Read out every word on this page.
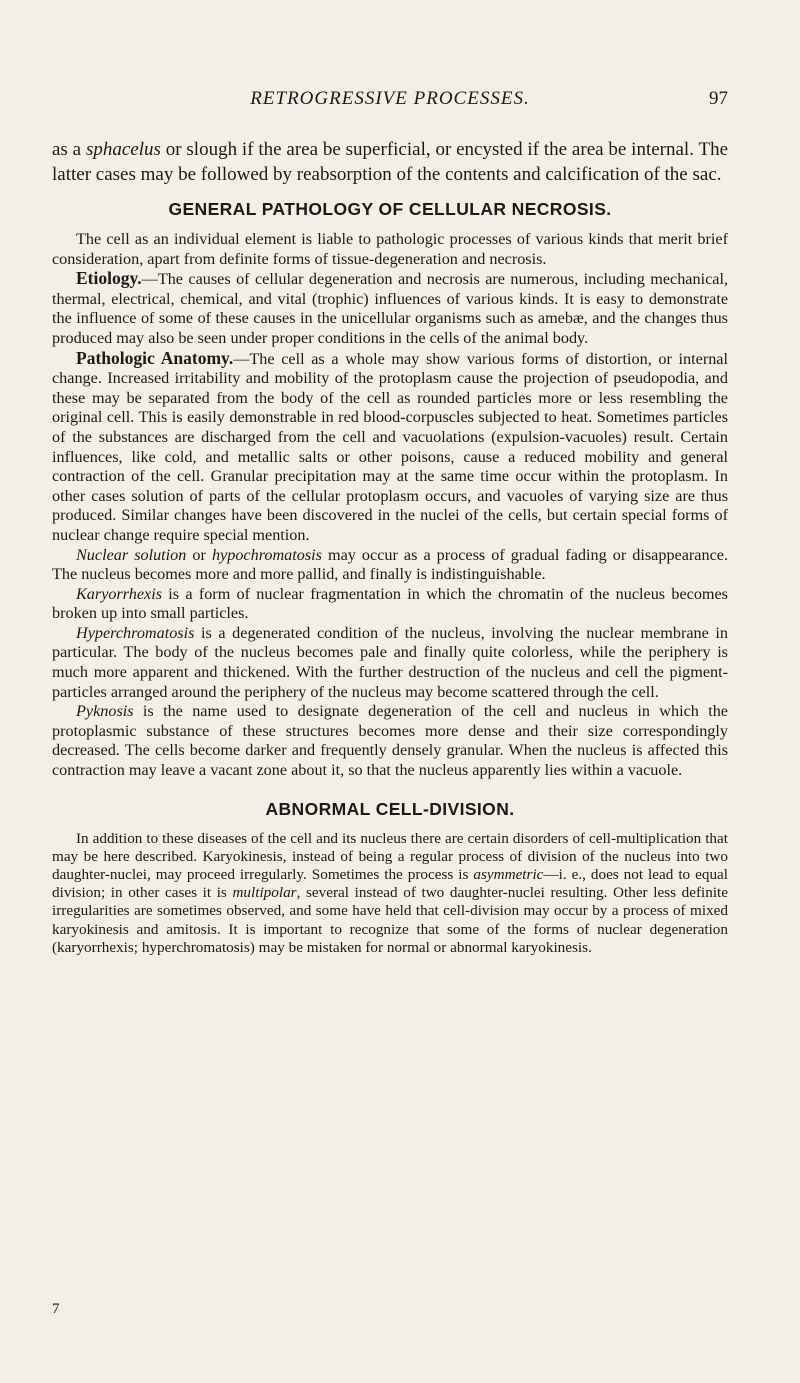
RETROGRESSIVE PROCESSES.	97

as a sphacelus or slough if the area be superficial, or encysted if the area be internal. The latter cases may be followed by reabsorption of the contents and calcification of the sac.

GENERAL PATHOLOGY OF CELLULAR NECROSIS.

The cell as an individual element is liable to pathologic processes of various kinds that merit brief consideration, apart from definite forms of tissue-degeneration and necrosis.

Etiology.—The causes of cellular degeneration and necrosis are numerous, including mechanical, thermal, electrical, chemical, and vital (trophic) influences of various kinds. It is easy to demonstrate the influence of some of these causes in the unicellular organisms such as amebæ, and the changes thus produced may also be seen under proper conditions in the cells of the animal body.

Pathologic Anatomy.—The cell as a whole may show various forms of distortion, or internal change. Increased irritability and mobility of the protoplasm cause the projection of pseudopodia, and these may be separated from the body of the cell as rounded particles more or less resembling the original cell. This is easily demonstrable in red blood-corpuscles subjected to heat. Sometimes particles of the substances are discharged from the cell and vacuolations (expulsion-vacuoles) result. Certain influences, like cold, and metallic salts or other poisons, cause a reduced mobility and general contraction of the cell. Granular precipitation may at the same time occur within the protoplasm. In other cases solution of parts of the cellular protoplasm occurs, and vacuoles of varying size are thus produced. Similar changes have been discovered in the nuclei of the cells, but certain special forms of nuclear change require special mention.

Nuclear solution or hypochromatosis may occur as a process of gradual fading or disappearance. The nucleus becomes more and more pallid, and finally is indistinguishable.

Karyorrhexis is a form of nuclear fragmentation in which the chromatin of the nucleus becomes broken up into small particles.

Hyperchromatosis is a degenerated condition of the nucleus, involving the nuclear membrane in particular. The body of the nucleus becomes pale and finally quite colorless, while the periphery is much more apparent and thickened. With the further destruction of the nucleus and cell the pigment-particles arranged around the periphery of the nucleus may become scattered through the cell.

Pyknosis is the name used to designate degeneration of the cell and nucleus in which the protoplasmic substance of these structures becomes more dense and their size correspondingly decreased. The cells become darker and frequently densely granular. When the nucleus is affected this contraction may leave a vacant zone about it, so that the nucleus apparently lies within a vacuole.

ABNORMAL CELL-DIVISION.

In addition to these diseases of the cell and its nucleus there are certain disorders of cell-multiplication that may be here described. Karyokinesis, instead of being a regular process of division of the nucleus into two daughter-nuclei, may proceed irregularly. Sometimes the process is asymmetric—i. e., does not lead to equal division; in other cases it is multipolar, several instead of two daughter-nuclei resulting. Other less definite irregularities are sometimes observed, and some have held that cell-division may occur by a process of mixed karyokinesis and amitosis. It is important to recognize that some of the forms of nuclear degeneration (karyorrhexis; hyperchromatosis) may be mistaken for normal or abnormal karyokinesis.

7
